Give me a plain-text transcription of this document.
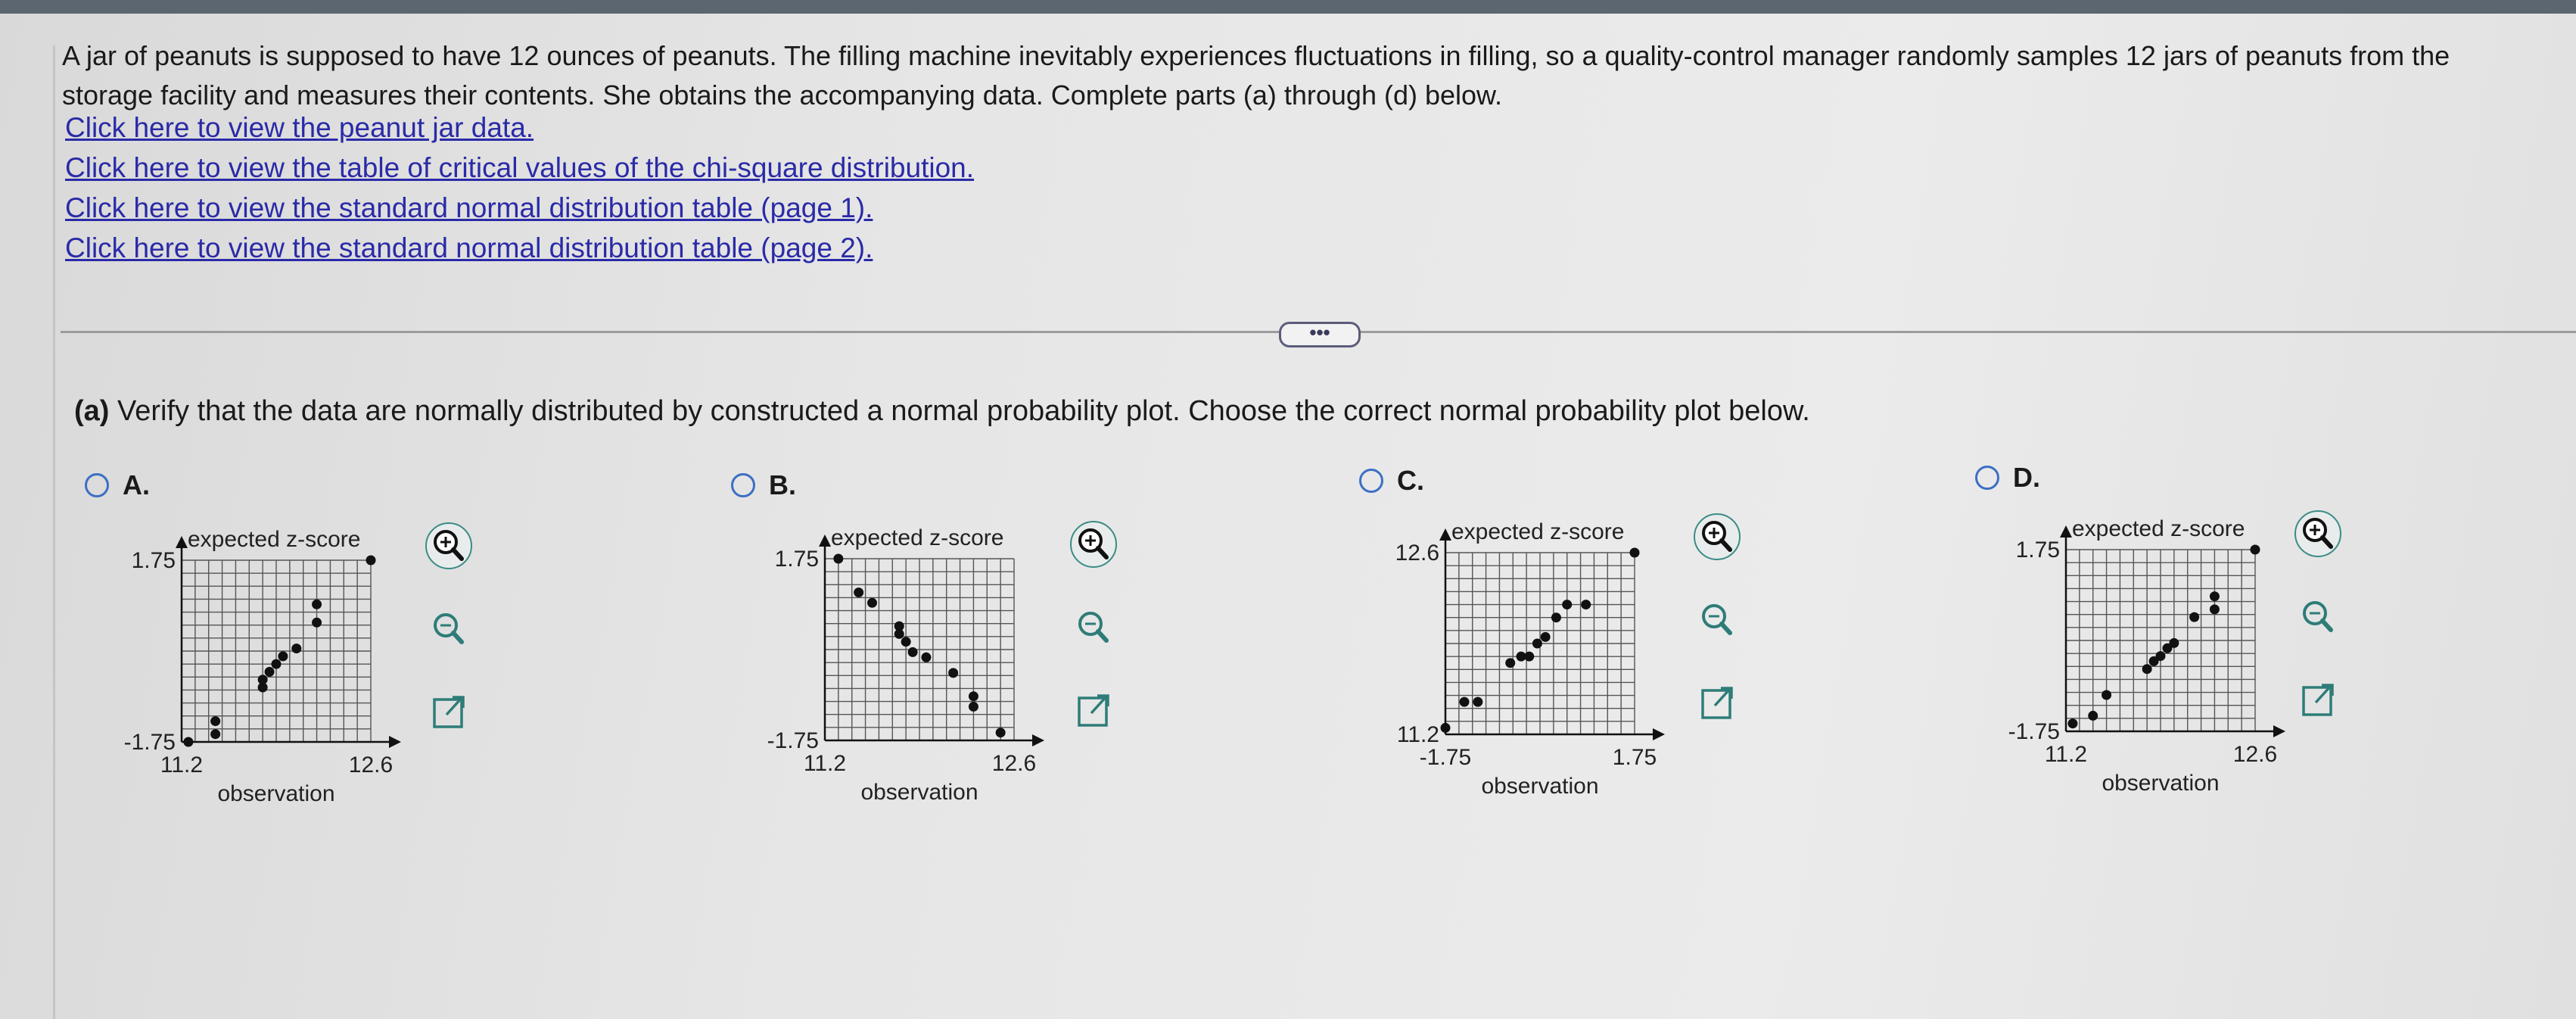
A jar of peanuts is supposed to have 12 ounces of peanuts. The filling machine inevitably experiences fluctuations in filling, so a quality-control manager randomly samples 12 jars of peanuts from the storage facility and measures their contents. She obtains the accompanying data. Complete parts (a) through (d) below.
Click here to view the peanut jar data.
Click here to view the table of critical values of the chi-square distribution.
Click here to view the standard normal distribution table (page 1).
Click here to view the standard normal distribution table (page 2).
•••
(a) Verify that the data are normally distributed by constructed a normal probability plot. Choose the correct normal probability plot below.
A.
expected z-score
1.75
-1.75
11.2	12.6
observation
B.
expected z-score
1.75
-1.75
11.2	12.6
observation
C.
expected z-score
12.6
11.2
-1.75	1.75
observation
D.
expected z-score
1.75
-1.75
11.2	12.6
observation
